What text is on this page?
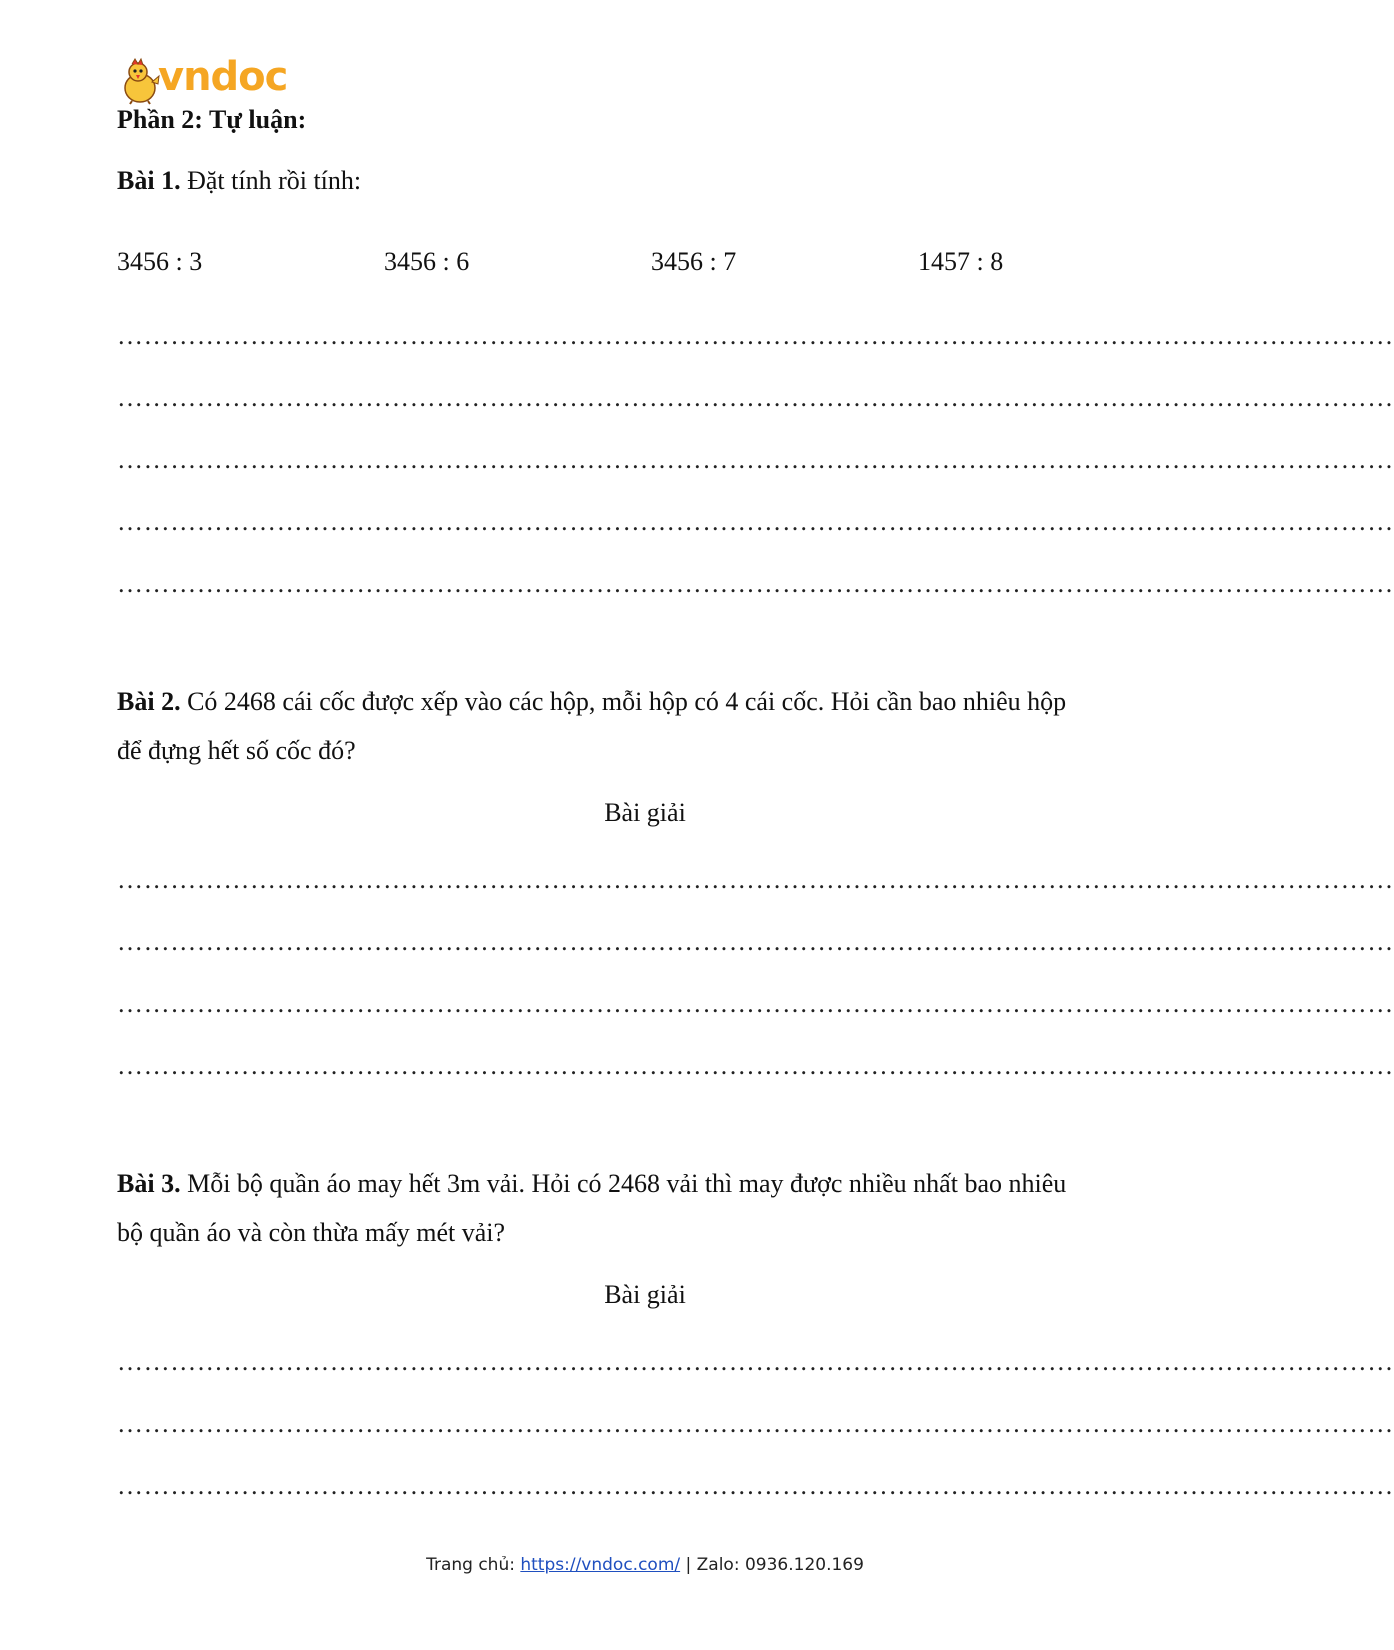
vndoc
Phần 2: Tự luận:
Bài 1. Đặt tính rồi tính:
3456 : 3	3456 : 6	3456 : 7	1457 : 8
………………………………………………………………………………………………………………………………
………………………………………………………………………………………………………………………………
………………………………………………………………………………………………………………………………
………………………………………………………………………………………………………………………………
………………………………………………………………………………………………………………………………
Bài 2. Có 2468 cái cốc được xếp vào các hộp, mỗi hộp có 4 cái cốc. Hỏi cần bao nhiêu hộp
để đựng hết số cốc đó?
Bài giải
………………………………………………………………………………………………………………………………
………………………………………………………………………………………………………………………………
………………………………………………………………………………………………………………………………
………………………………………………………………………………………………………………………………
Bài 3. Mỗi bộ quần áo may hết 3m vải. Hỏi có 2468 vải thì may được nhiều nhất bao nhiêu
bộ quần áo và còn thừa mấy mét vải?
Bài giải
………………………………………………………………………………………………………………………………
………………………………………………………………………………………………………………………………
………………………………………………………………………………………………………………………………
Trang chủ: https://vndoc.com/ | Zalo: 0936.120.169
